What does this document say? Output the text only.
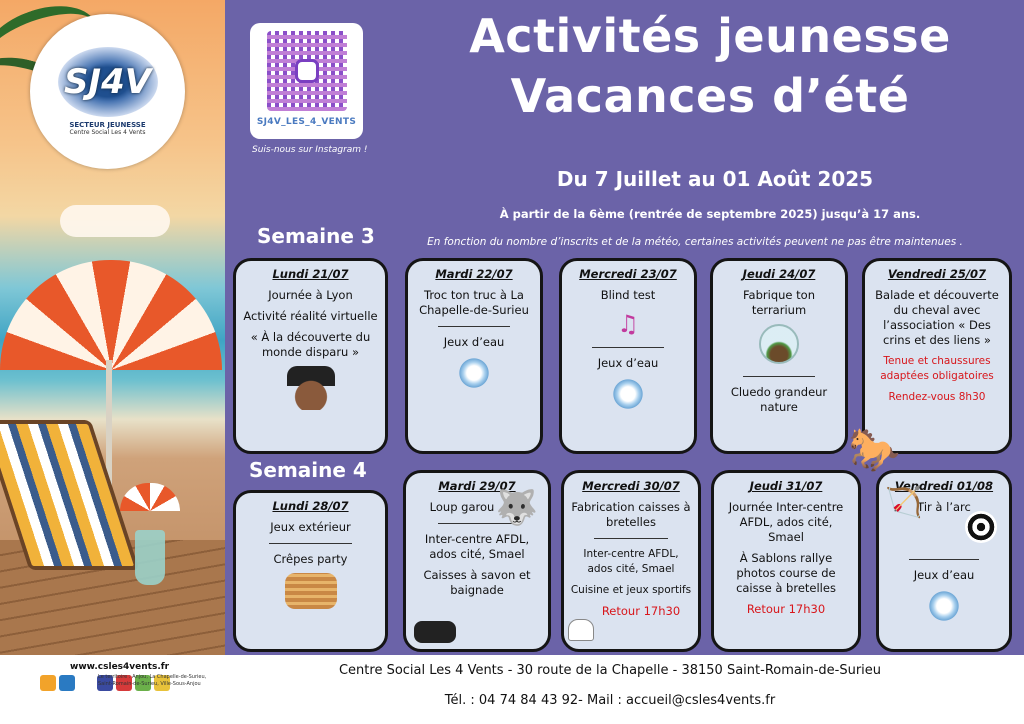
SJ4V
SECTEUR JEUNESSE
Centre Social Les 4 Vents
SJ4V_LES_4_VENTS
Suis-nous sur Instagram !
Activités jeunesse
Vacances d’été
Du 7 Juillet au 01 Août 2025
À partir de la 6ème (rentrée de septembre 2025) jusqu’à 17 ans.
En fonction du nombre d’inscrits et de la météo, certaines activités peuvent ne pas être maintenues .
Semaine 3
Semaine 4
Lundi 21/07

Journée à Lyon

Activité réalité virtuelle

« À la découverte du monde disparu »

Mardi 22/07

Troc ton truc à La Chapelle-de-Surieu

Jeux d’eau

Mercredi 23/07

Blind test

♫

Jeux d’eau

Jeudi 24/07

Fabrique ton terrarium

Cluedo grandeur nature

Vendredi 25/07

Balade et découverte du cheval avec l’association « Des crins et des liens »

Tenue et chaussures adaptées obligatoires

Rendez-vous 8h30

Lundi 28/07

Jeux extérieur

Crêpes party

Mardi 29/07

Loup garou 🐺

Inter-centre AFDL, ados cité, Smael

Caisses à savon et baignade

Mercredi 30/07

Fabrication caisses à bretelles

Inter-centre AFDL, ados cité, Smael

Cuisine et jeux sportifs

Retour 17h30

Jeudi 31/07

Journée Inter-centre AFDL, ados cité, Smael

À Sablons rallye photos course de caisse à bretelles

Retour 17h30

Vendredi 01/08

Tir à l’arc

🏹

Jeux d’eau

🐎
www.csles4vents.fr
Le territoire : Anjou, La Chapelle-de-Surieu, Saint-Romain-de-Surieu, Ville-Sous-Anjou
Centre Social Les 4 Vents - 30 route de la Chapelle - 38150 Saint-Romain-de-Surieu
Tél. : 04 74 84 43 92- Mail : accueil@csles4vents.fr
